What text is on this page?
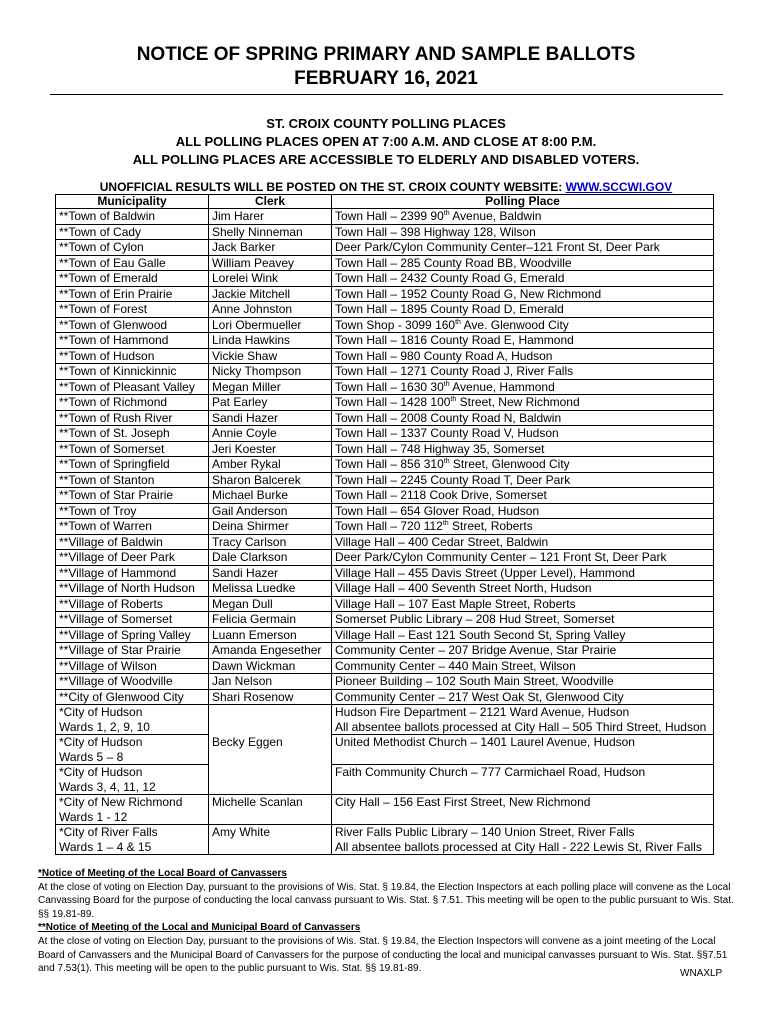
NOTICE OF SPRING PRIMARY AND SAMPLE BALLOTS
FEBRUARY 16, 2021
ST. CROIX COUNTY POLLING PLACES
ALL POLLING PLACES OPEN AT 7:00 A.M. AND CLOSE AT 8:00 P.M.
ALL POLLING PLACES ARE ACCESSIBLE TO ELDERLY AND DISABLED VOTERS.
UNOFFICIAL RESULTS WILL BE POSTED ON THE ST. CROIX COUNTY WEBSITE: WWW.SCCWI.GOV
Municipality	Clerk	Polling Place
**Town of Baldwin	Jim Harer	Town Hall – 2399 90th Avenue, Baldwin
**Town of Cady	Shelly Ninneman	Town Hall – 398 Highway 128, Wilson
**Town of Cylon	Jack Barker	Deer Park/Cylon Community Center–121 Front St, Deer Park
**Town of Eau Galle	William Peavey	Town Hall – 285 County Road BB, Woodville
**Town of Emerald	Lorelei Wink	Town Hall – 2432 County Road G, Emerald
**Town of Erin Prairie	Jackie Mitchell	Town Hall – 1952 County Road G, New Richmond
**Town of Forest	Anne Johnston	Town Hall – 1895 County Road D, Emerald
**Town of Glenwood	Lori Obermueller	Town Shop - 3099 160th Ave. Glenwood City
**Town of Hammond	Linda Hawkins	Town Hall – 1816 County Road E, Hammond
**Town of Hudson	Vickie Shaw	Town Hall – 980 County Road A, Hudson
**Town of Kinnickinnic	Nicky Thompson	Town Hall – 1271 County Road J, River Falls
**Town of Pleasant Valley	Megan Miller	Town Hall – 1630 30th Avenue, Hammond
**Town of Richmond	Pat Earley	Town Hall – 1428 100th Street, New Richmond
**Town of Rush River	Sandi Hazer	Town Hall – 2008 County Road N, Baldwin
**Town of St. Joseph	Annie Coyle	Town Hall – 1337 County Road V, Hudson
**Town of Somerset	Jeri Koester	Town Hall – 748 Highway 35, Somerset
**Town of Springfield	Amber Rykal	Town Hall – 856 310th Street, Glenwood City
**Town of Stanton	Sharon Balcerek	Town Hall – 2245 County Road T, Deer Park
**Town of Star Prairie	Michael Burke	Town Hall – 2118 Cook Drive, Somerset
**Town of Troy	Gail Anderson	Town Hall – 654 Glover Road, Hudson
**Town of Warren	Deina Shirmer	Town Hall – 720 112th Street, Roberts
**Village of Baldwin	Tracy Carlson	Village Hall – 400 Cedar Street, Baldwin
**Village of Deer Park	Dale Clarkson	Deer Park/Cylon Community Center – 121 Front St, Deer Park
**Village of Hammond	Sandi Hazer	Village Hall – 455 Davis Street (Upper Level), Hammond
**Village of North Hudson	Melissa Luedke	Village Hall – 400 Seventh Street North, Hudson
**Village of Roberts	Megan Dull	Village Hall – 107 East Maple Street, Roberts
**Village of Somerset	Felicia Germain	Somerset Public Library – 208 Hud Street, Somerset
**Village of Spring Valley	Luann Emerson	Village Hall – East 121 South Second St, Spring Valley
**Village of Star Prairie	Amanda Engesether	Community Center – 207 Bridge Avenue, Star Prairie
**Village of Wilson	Dawn Wickman	Community Center – 440 Main Street, Wilson
**Village of Woodville	Jan Nelson	Pioneer Building – 102 South Main Street, Woodville
**City of Glenwood City	Shari Rosenow	Community Center – 217 West Oak St, Glenwood City
*City of Hudson		Hudson Fire Department – 2121 Ward Avenue, Hudson
Wards 1, 2, 9, 10		All absentee ballots processed at City Hall – 505 Third Street, Hudson
*City of Hudson	Becky Eggen	United Methodist Church – 1401 Laurel Avenue, Hudson
Wards 5 – 8		
*City of Hudson		Faith Community Church – 777 Carmichael Road, Hudson
Wards 3, 4, 11, 12		
*City of New Richmond	Michelle Scanlan	City Hall – 156 East First Street, New Richmond
Wards 1 - 12		
*City of River Falls	Amy White	River Falls Public Library – 140 Union Street, River Falls
Wards 1 – 4 & 15		All absentee ballots processed at City Hall - 222 Lewis St, River Falls
*Notice of Meeting of the Local Board of Canvassers
At the close of voting on Election Day, pursuant to the provisions of Wis. Stat. § 19.84, the Election Inspectors at each polling place will convene as the Local Canvassing Board for the purpose of conducting the local canvass pursuant to Wis. Stat. § 7.51. This meeting will be open to the public pursuant to Wis. Stat. §§ 19.81-89.
**Notice of Meeting of the Local and Municipal Board of Canvassers
At the close of voting on Election Day, pursuant to the provisions of Wis. Stat. § 19.84, the Election Inspectors will convene as a joint meeting of the Local Board of Canvassers and the Municipal Board of Canvassers for the purpose of conducting the local and municipal canvasses pursuant to Wis. Stat. §§7.51 and 7.53(1). This meeting will be open to the public pursuant to Wis. Stat. §§ 19.81-89.	WNAXLP
